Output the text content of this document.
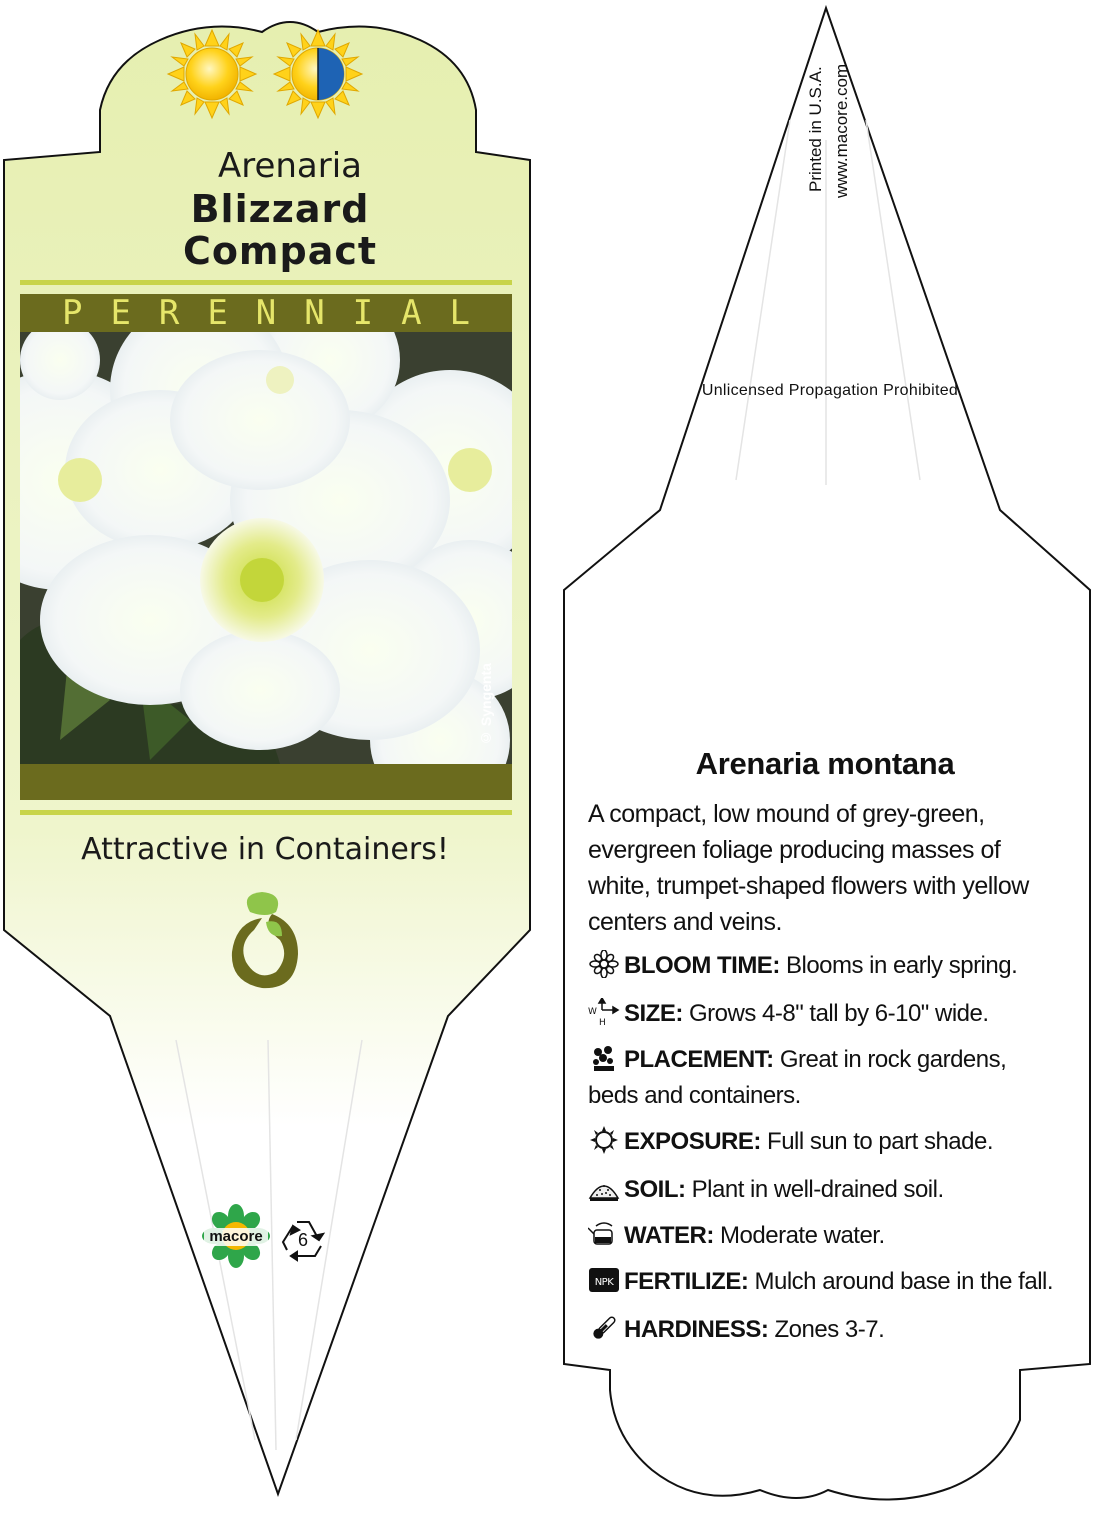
Arenaria
Blizzard
Compact
P E R E N N I A L
© Syngenta
Attractive in Containers!
macore	6
Printed in U.S.A. www.macore.com
Unlicensed Propagation Prohibited
Arenaria montana
A compact, low mound of grey-green, evergreen foliage producing masses of white, trumpet-shaped flowers with yellow centers and veins.
BLOOM TIME: Blooms in early spring.
W
H SIZE: Grows 4-8" tall by 6-10" wide.
PLACEMENT: Great in rock gardens, beds and containers.
EXPOSURE: Full sun to part shade.
SOIL: Plant in well-drained soil.
WATER: Moderate water.
NPK FERTILIZE: Mulch around base in the fall.
HARDINESS: Zones 3-7.
